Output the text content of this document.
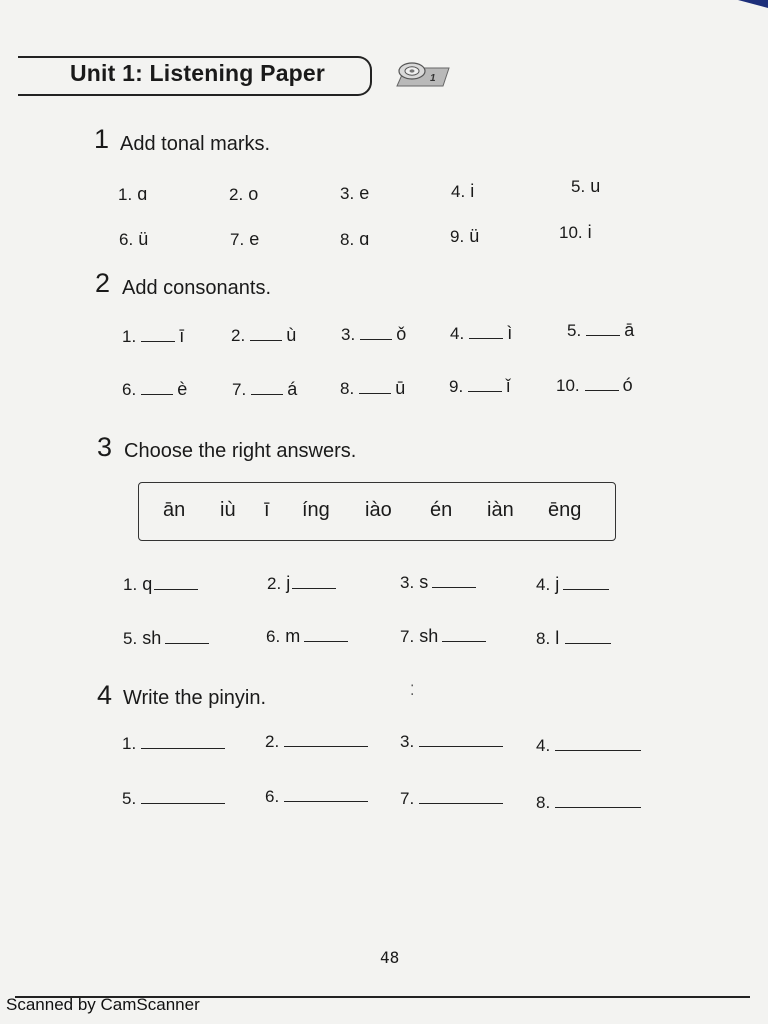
Unit 1: Listening Paper	1
1 Add tonal marks.
1. ɑ	2. o	3. e	4. i	5. u
6. ü	7. e	8. ɑ	9. ü	10. i
2 Add consonants.
1. ī	2. ù	3. ǒ	4. ì	5. ā
6. è	7. á	8. ū	9. ǐ	10. ó
3 Choose the right answers.
ān iù ī íng iào én iàn ēng
1. q	2. j	3. s	4. j
5. sh	6. m	7. sh	8. l
4 Write the pinyin.	⁚
1.	2.	3.	4.
5.	6.	7.	8.
48
Scanned by CamScanner
